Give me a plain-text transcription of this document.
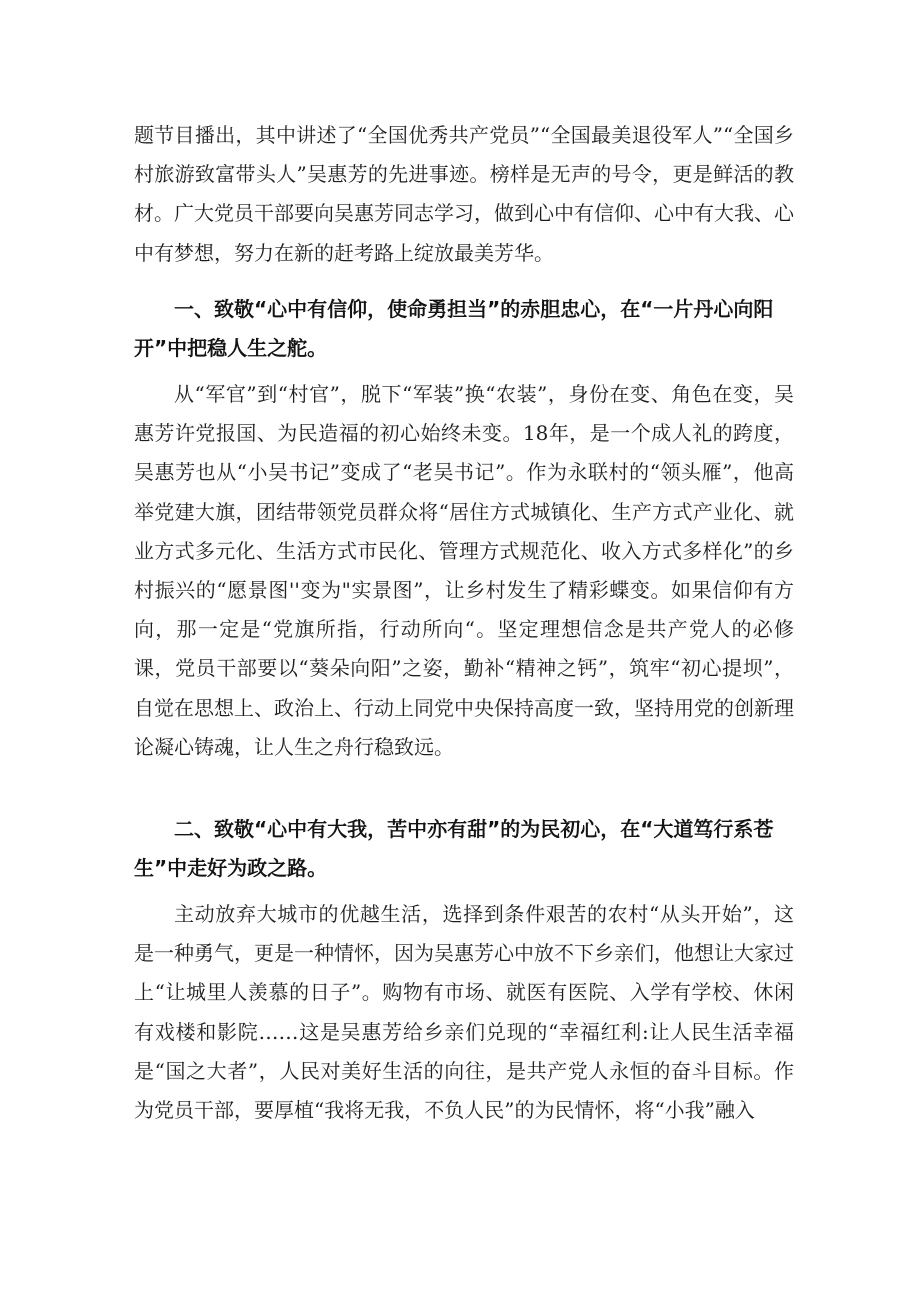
题节目播出，其中讲述了“全国优秀共产党员”“全国最美退役军人”“全国乡村旅游致富带头人”吴惠芳的先进事迹。榜样是无声的号令，更是鲜活的教材。广大党员干部要向吴惠芳同志学习，做到心中有信仰、心中有大我、心中有梦想，努力在新的赶考路上绽放最美芳华。

一、致敬“心中有信仰，使命勇担当”的赤胆忠心，在“一片丹心向阳开”中把稳人生之舵。

从“军官”到“村官”，脱下“军装”换“农装”，身份在变、角色在变，吴惠芳许党报国、为民造福的初心始终未变。18年，是一个成人礼的跨度，吴惠芳也从“小吴书记”变成了“老吴书记”。作为永联村的“领头雁”，他高举党建大旗，团结带领党员群众将“居住方式城镇化、生产方式产业化、就业方式多元化、生活方式市民化、管理方式规范化、收入方式多样化”的乡村振兴的“愿景图''变为"实景图”，让乡村发生了精彩蝶变。如果信仰有方向，那一定是“党旗所指，行动所向“。坚定理想信念是共产党人的必修课，党员干部要以“葵朵向阳”之姿，勤补“精神之钙”，筑牢“初心提坝”，自觉在思想上、政治上、行动上同党中央保持高度一致，坚持用党的创新理论凝心铸魂，让人生之舟行稳致远。

二、致敬“心中有大我，苦中亦有甜”的为民初心，在“大道笃行系苍生”中走好为政之路。

主动放弃大城市的优越生活，选择到条件艰苦的农村“从头开始”，这是一种勇气，更是一种情怀，因为吴惠芳心中放不下乡亲们，他想让大家过上“让城里人羡慕的日子”。购物有市场、就医有医院、入学有学校、休闲有戏楼和影院……这是吴惠芳给乡亲们兑现的“幸福红利:让人民生活幸福是“国之大者”，人民对美好生活的向往，是共产党人永恒的奋斗目标。作为党员干部，要厚植“我将无我，不负人民”的为民情怀，将“小我”融入
